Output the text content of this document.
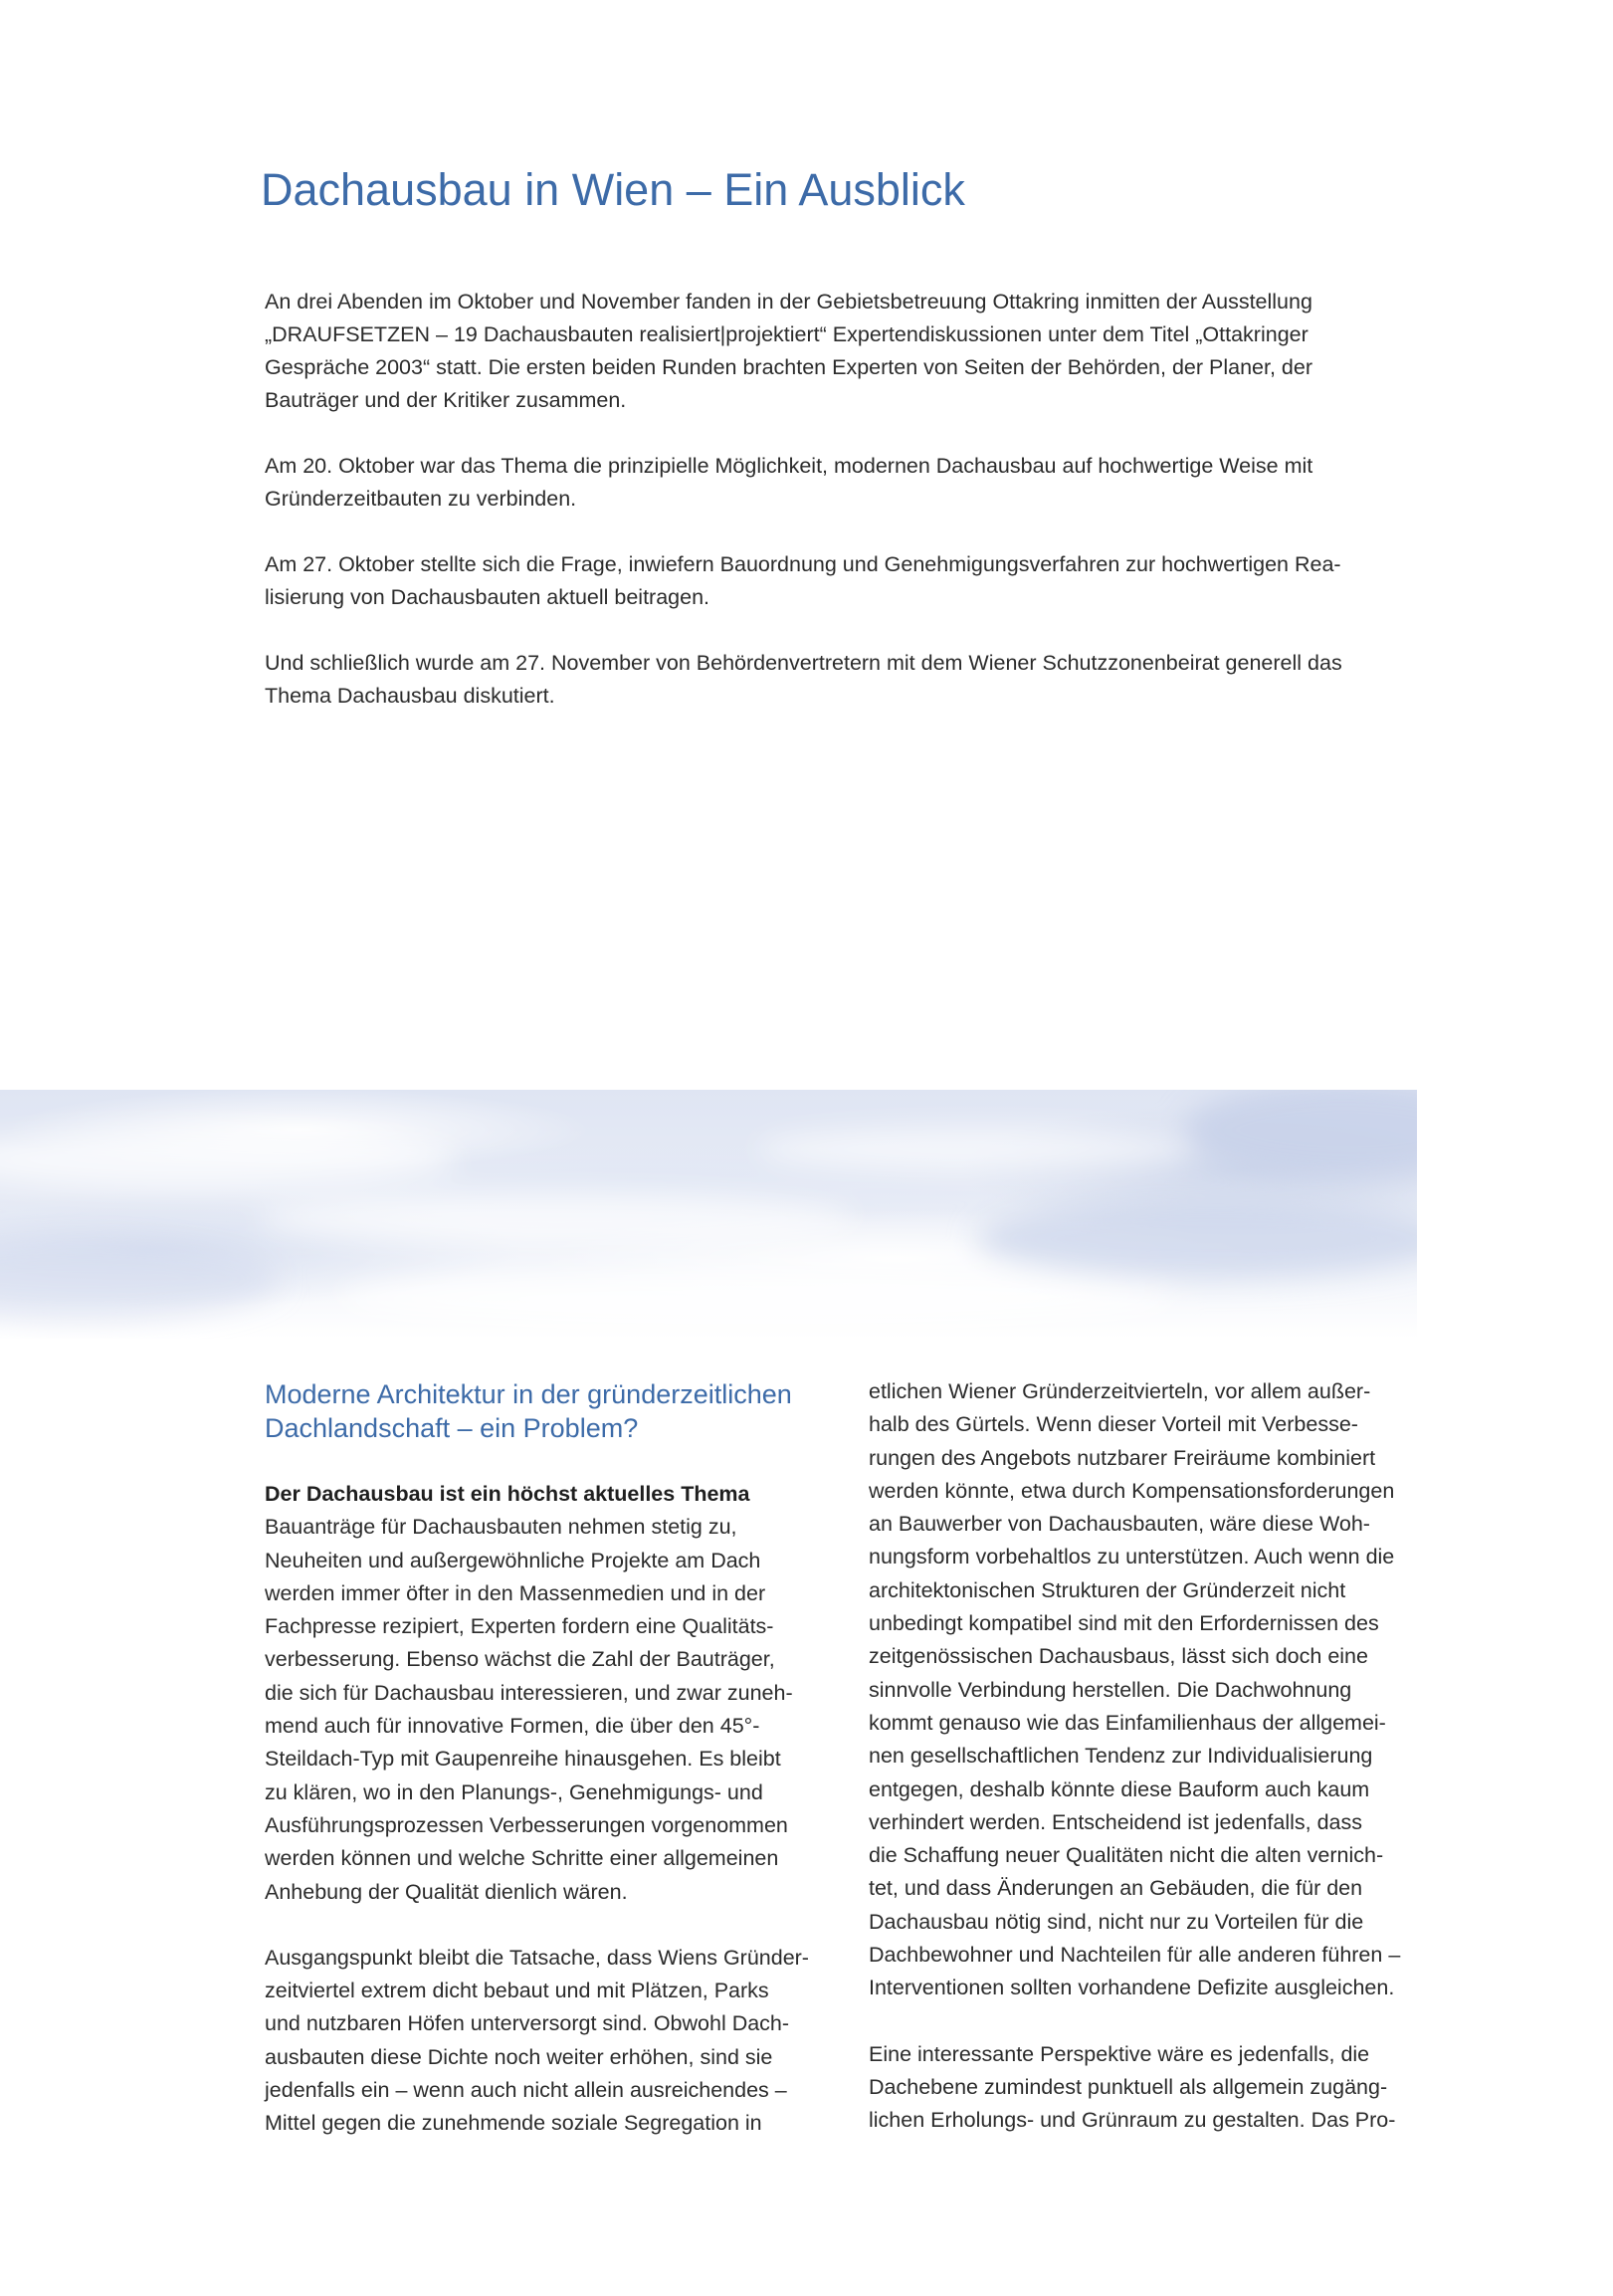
Dachausbau in Wien – Ein Ausblick

An drei Abenden im Oktober und November fanden in der Gebietsbetreuung Ottakring inmitten der Ausstellung
„DRAUFSETZEN – 19 Dachausbauten realisiert|projektiert“ Expertendiskussionen unter dem Titel „Ottakringer
Gespräche 2003“ statt. Die ersten beiden Runden brachten Experten von Seiten der Behörden, der Planer, der
Bauträger und der Kritiker zusammen.

Am 20. Oktober war das Thema die prinzipielle Möglichkeit, modernen Dachausbau auf hochwertige Weise mit
Gründerzeitbauten zu verbinden.

Am 27. Oktober stellte sich die Frage, inwiefern Bauordnung und Genehmigungsverfahren zur hochwertigen Rea-
lisierung von Dachausbauten aktuell beitragen.

Und schließlich wurde am 27. November von Behördenvertretern mit dem Wiener Schutzzonenbeirat generell das
Thema Dachausbau diskutiert.

Moderne Architektur in der gründerzeitlichen
Dachlandschaft – ein Problem?

Der Dachausbau ist ein höchst aktuelles Thema
Bauanträge für Dachausbauten nehmen stetig zu,
Neuheiten und außergewöhnliche Projekte am Dach
werden immer öfter in den Massenmedien und in der
Fachpresse rezipiert, Experten fordern eine Qualitäts-
verbesserung. Ebenso wächst die Zahl der Bauträger,
die sich für Dachausbau interessieren, und zwar zuneh-
mend auch für innovative Formen, die über den 45°-
Steildach-Typ mit Gaupenreihe hinausgehen. Es bleibt
zu klären, wo in den Planungs-, Genehmigungs- und
Ausführungsprozessen Verbesserungen vorgenommen
werden können und welche Schritte einer allgemeinen
Anhebung der Qualität dienlich wären.

Ausgangspunkt bleibt die Tatsache, dass Wiens Gründer-
zeitviertel extrem dicht bebaut und mit Plätzen, Parks
und nutzbaren Höfen unterversorgt sind. Obwohl Dach-
ausbauten diese Dichte noch weiter erhöhen, sind sie
jedenfalls ein – wenn auch nicht allein ausreichendes –
Mittel gegen die zunehmende soziale Segregation in

etlichen Wiener Gründerzeitvierteln, vor allem außer-
halb des Gürtels. Wenn dieser Vorteil mit Verbesse-
rungen des Angebots nutzbarer Freiräume kombiniert
werden könnte, etwa durch Kompensationsforderungen
an Bauwerber von Dachausbauten, wäre diese Woh-
nungsform vorbehaltlos zu unterstützen. Auch wenn die
architektonischen Strukturen der Gründerzeit nicht
unbedingt kompatibel sind mit den Erfordernissen des
zeitgenössischen Dachausbaus, lässt sich doch eine
sinnvolle Verbindung herstellen. Die Dachwohnung
kommt genauso wie das Einfamilienhaus der allgemei-
nen gesellschaftlichen Tendenz zur Individualisierung
entgegen, deshalb könnte diese Bauform auch kaum
verhindert werden. Entscheidend ist jedenfalls, dass
die Schaffung neuer Qualitäten nicht die alten vernich-
tet, und dass Änderungen an Gebäuden, die für den
Dachausbau nötig sind, nicht nur zu Vorteilen für die
Dachbewohner und Nachteilen für alle anderen führen –
Interventionen sollten vorhandene Defizite ausgleichen.

Eine interessante Perspektive wäre es jedenfalls, die
Dachebene zumindest punktuell als allgemein zugäng-
lichen Erholungs- und Grünraum zu gestalten. Das Pro-
